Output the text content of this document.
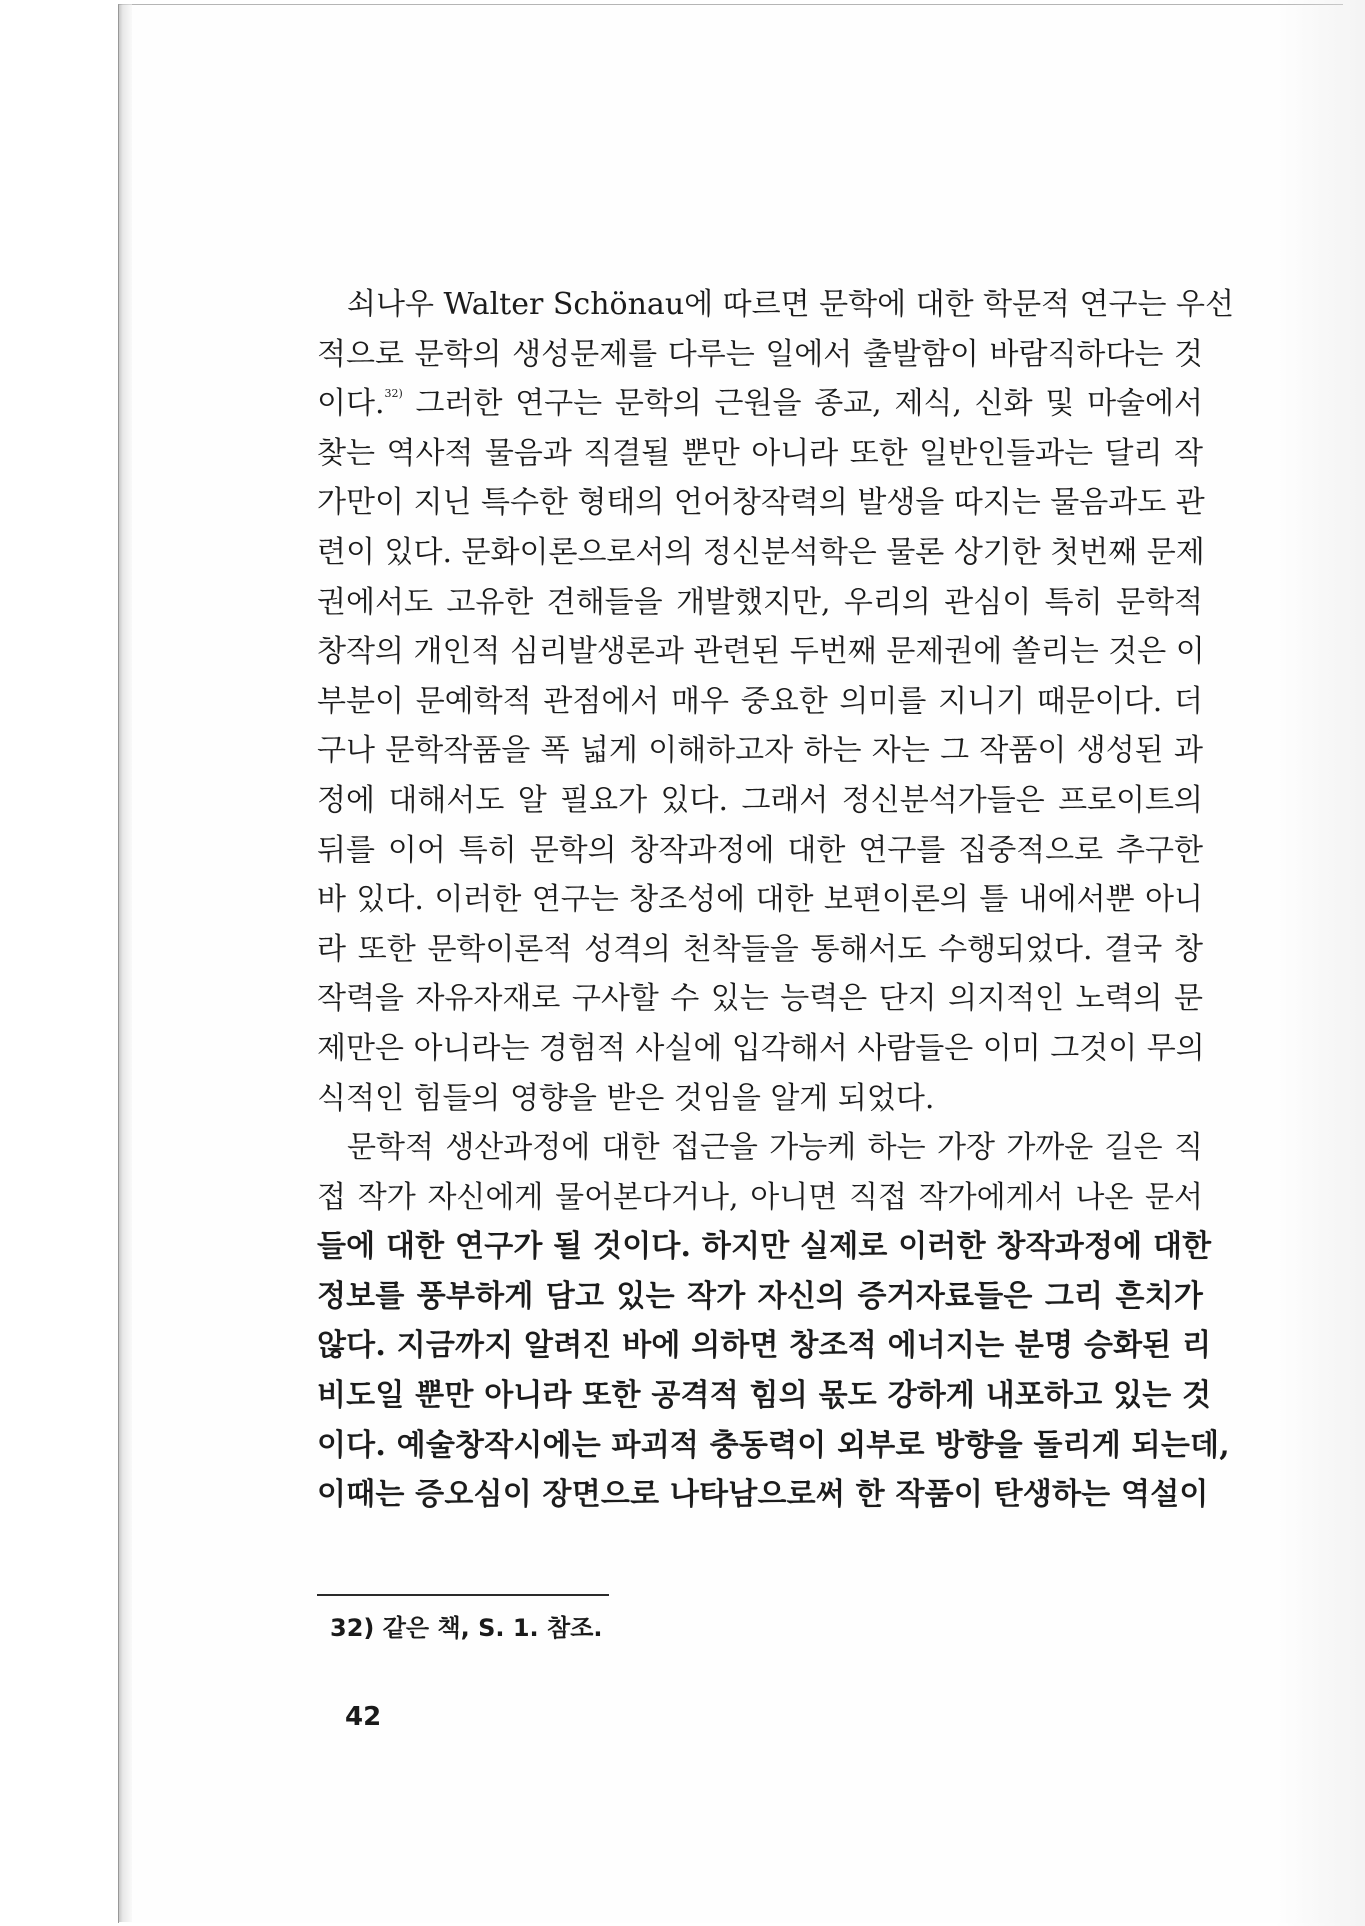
쇠나우 Walter Schönau에 따르면 문학에 대한 학문적 연구는 우선
적으로 문학의 생성문제를 다루는 일에서 출발함이 바람직하다는 것
이다.$^{32)}$ 그러한 연구는 문학의 근원을 종교, 제식, 신화 및 마술에서
찾는 역사적 물음과 직결될 뿐만 아니라 또한 일반인들과는 달리 작
가만이 지닌 특수한 형태의 언어창작력의 발생을 따지는 물음과도 관
련이 있다. 문화이론으로서의 정신분석학은 물론 상기한 첫번째 문제
권에서도 고유한 견해들을 개발했지만, 우리의 관심이 특히 문학적
창작의 개인적 심리발생론과 관련된 두번째 문제권에 쏠리는 것은 이
부분이 문예학적 관점에서 매우 중요한 의미를 지니기 때문이다. 더
구나 문학작품을 폭 넓게 이해하고자 하는 자는 그 작품이 생성된 과
정에 대해서도 알 필요가 있다. 그래서 정신분석가들은 프로이트의
뒤를 이어 특히 문학의 창작과정에 대한 연구를 집중적으로 추구한
바 있다. 이러한 연구는 창조성에 대한 보편이론의 틀 내에서뿐 아니
라 또한 문학이론적 성격의 천착들을 통해서도 수행되었다. 결국 창
작력을 자유자재로 구사할 수 있는 능력은 단지 의지적인 노력의 문
제만은 아니라는 경험적 사실에 입각해서 사람들은 이미 그것이 무의
식적인 힘들의 영향을 받은 것임을 알게 되었다.
문학적 생산과정에 대한 접근을 가능케 하는 가장 가까운 길은 직
접 작가 자신에게 물어본다거나, 아니면 직접 작가에게서 나온 문서
들에 대한 연구가 될 것이다. 하지만 실제로 이러한 창작과정에 대한
정보를 풍부하게 담고 있는 작가 자신의 증거자료들은 그리 흔치가
않다. 지금까지 알려진 바에 의하면 창조적 에너지는 분명 승화된 리
비도일 뿐만 아니라 또한 공격적 힘의 몫도 강하게 내포하고 있는 것
이다. 예술창작시에는 파괴적 충동력이 외부로 방향을 돌리게 되는데,
이때는 증오심이 장면으로 나타남으로써 한 작품이 탄생하는 역설이
32) 같은 책, S. 1. 참조.
42
